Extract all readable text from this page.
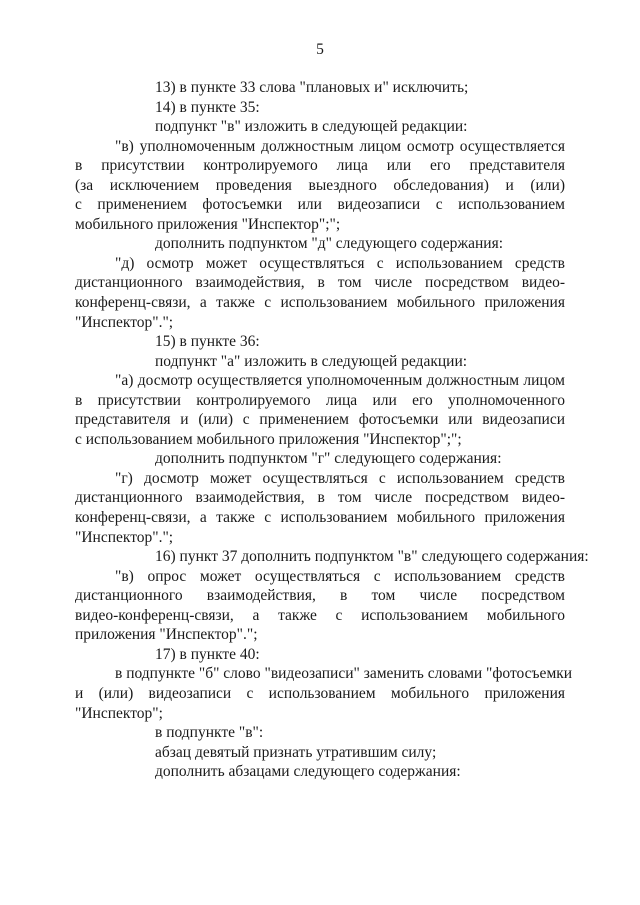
5
13) в пункте 33 слова "плановых и" исключить;
14) в пункте 35:
подпункт "в" изложить в следующей редакции:
"в) уполномоченным должностным лицом осмотр осуществляется
в присутствии контролируемого лица или его представителя
(за исключением проведения выездного обследования) и (или)
с применением фотосъемки или видеозаписи с использованием
мобильного приложения "Инспектор";";
дополнить подпунктом "д" следующего содержания:
"д) осмотр может осуществляться с использованием средств
дистанционного взаимодействия, в том числе посредством видео-
конференц-связи, а также с использованием мобильного приложения
"Инспектор".";
15) в пункте 36:
подпункт "а" изложить в следующей редакции:
"а) досмотр осуществляется уполномоченным должностным лицом
в присутствии контролируемого лица или его уполномоченного
представителя и (или) с применением фотосъемки или видеозаписи
с использованием мобильного приложения "Инспектор";";
дополнить подпунктом "г" следующего содержания:
"г) досмотр может осуществляться с использованием средств
дистанционного взаимодействия, в том числе посредством видео-
конференц-связи, а также с использованием мобильного приложения
"Инспектор".";
16) пункт 37 дополнить подпунктом "в" следующего содержания:
"в) опрос может осуществляться с использованием средств
дистанционного взаимодействия, в том числе посредством
видео-конференц-связи, а также с использованием мобильного
приложения "Инспектор".";
17) в пункте 40:
в подпункте "б" слово "видеозаписи" заменить словами "фотосъемки
и (или) видеозаписи с использованием мобильного приложения
"Инспектор";
в подпункте "в":
абзац девятый признать утратившим силу;
дополнить абзацами следующего содержания:
